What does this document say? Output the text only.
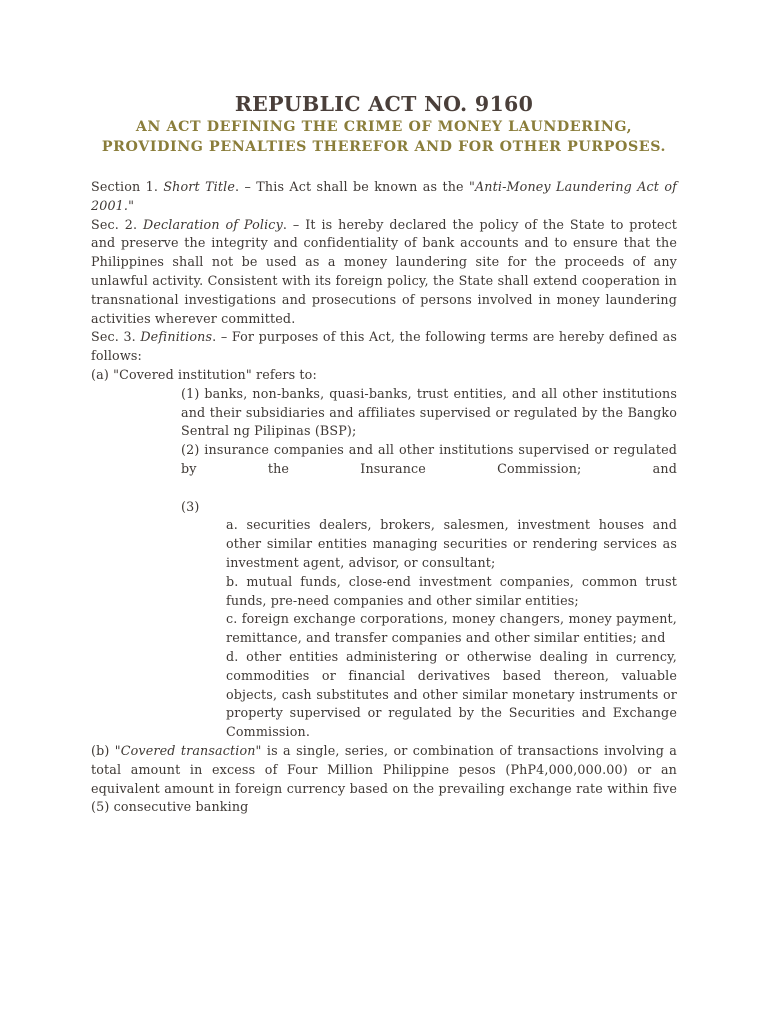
REPUBLIC ACT NO. 9160
AN ACT DEFINING THE CRIME OF MONEY LAUNDERING,
PROVIDING PENALTIES THEREFOR AND FOR OTHER PURPOSES.

Section 1. Short Title. – This Act shall be known as the "Anti-Money Laundering Act of 2001."

Sec. 2. Declaration of Policy. – It is hereby declared the policy of the State to protect and preserve the integrity and confidentiality of bank accounts and to ensure that the Philippines shall not be used as a money laundering site for the proceeds of any unlawful activity. Consistent with its foreign policy, the State shall extend cooperation in transnational investigations and prosecutions of persons involved in money laundering activities wherever committed.

Sec. 3. Definitions. – For purposes of this Act, the following terms are hereby defined as follows:

(a) "Covered institution" refers to:

(1) banks, non-banks, quasi-banks, trust entities, and all other institutions and their subsidiaries and affiliates supervised or regulated by the Bangko Sentral ng Pilipinas (BSP);

(2) insurance companies and all other institutions supervised or regulated by the Insurance Commission; and

(3)

a. securities dealers, brokers, salesmen, investment houses and other similar entities managing securities or rendering services as investment agent, advisor, or consultant;

b. mutual funds, close-end investment companies, common trust funds, pre-need companies and other similar entities;

c. foreign exchange corporations, money changers, money payment, remittance, and transfer companies and other similar entities; and

d. other entities administering or otherwise dealing in currency, commodities or financial derivatives based thereon, valuable objects, cash substitutes and other similar monetary instruments or property supervised or regulated by the Securities and Exchange Commission.

(b) "Covered transaction" is a single, series, or combination of transactions involving a total amount in excess of Four Million Philippine pesos (PhP4,000,000.00) or an equivalent amount in foreign currency based on the prevailing exchange rate within five (5) consecutive banking
